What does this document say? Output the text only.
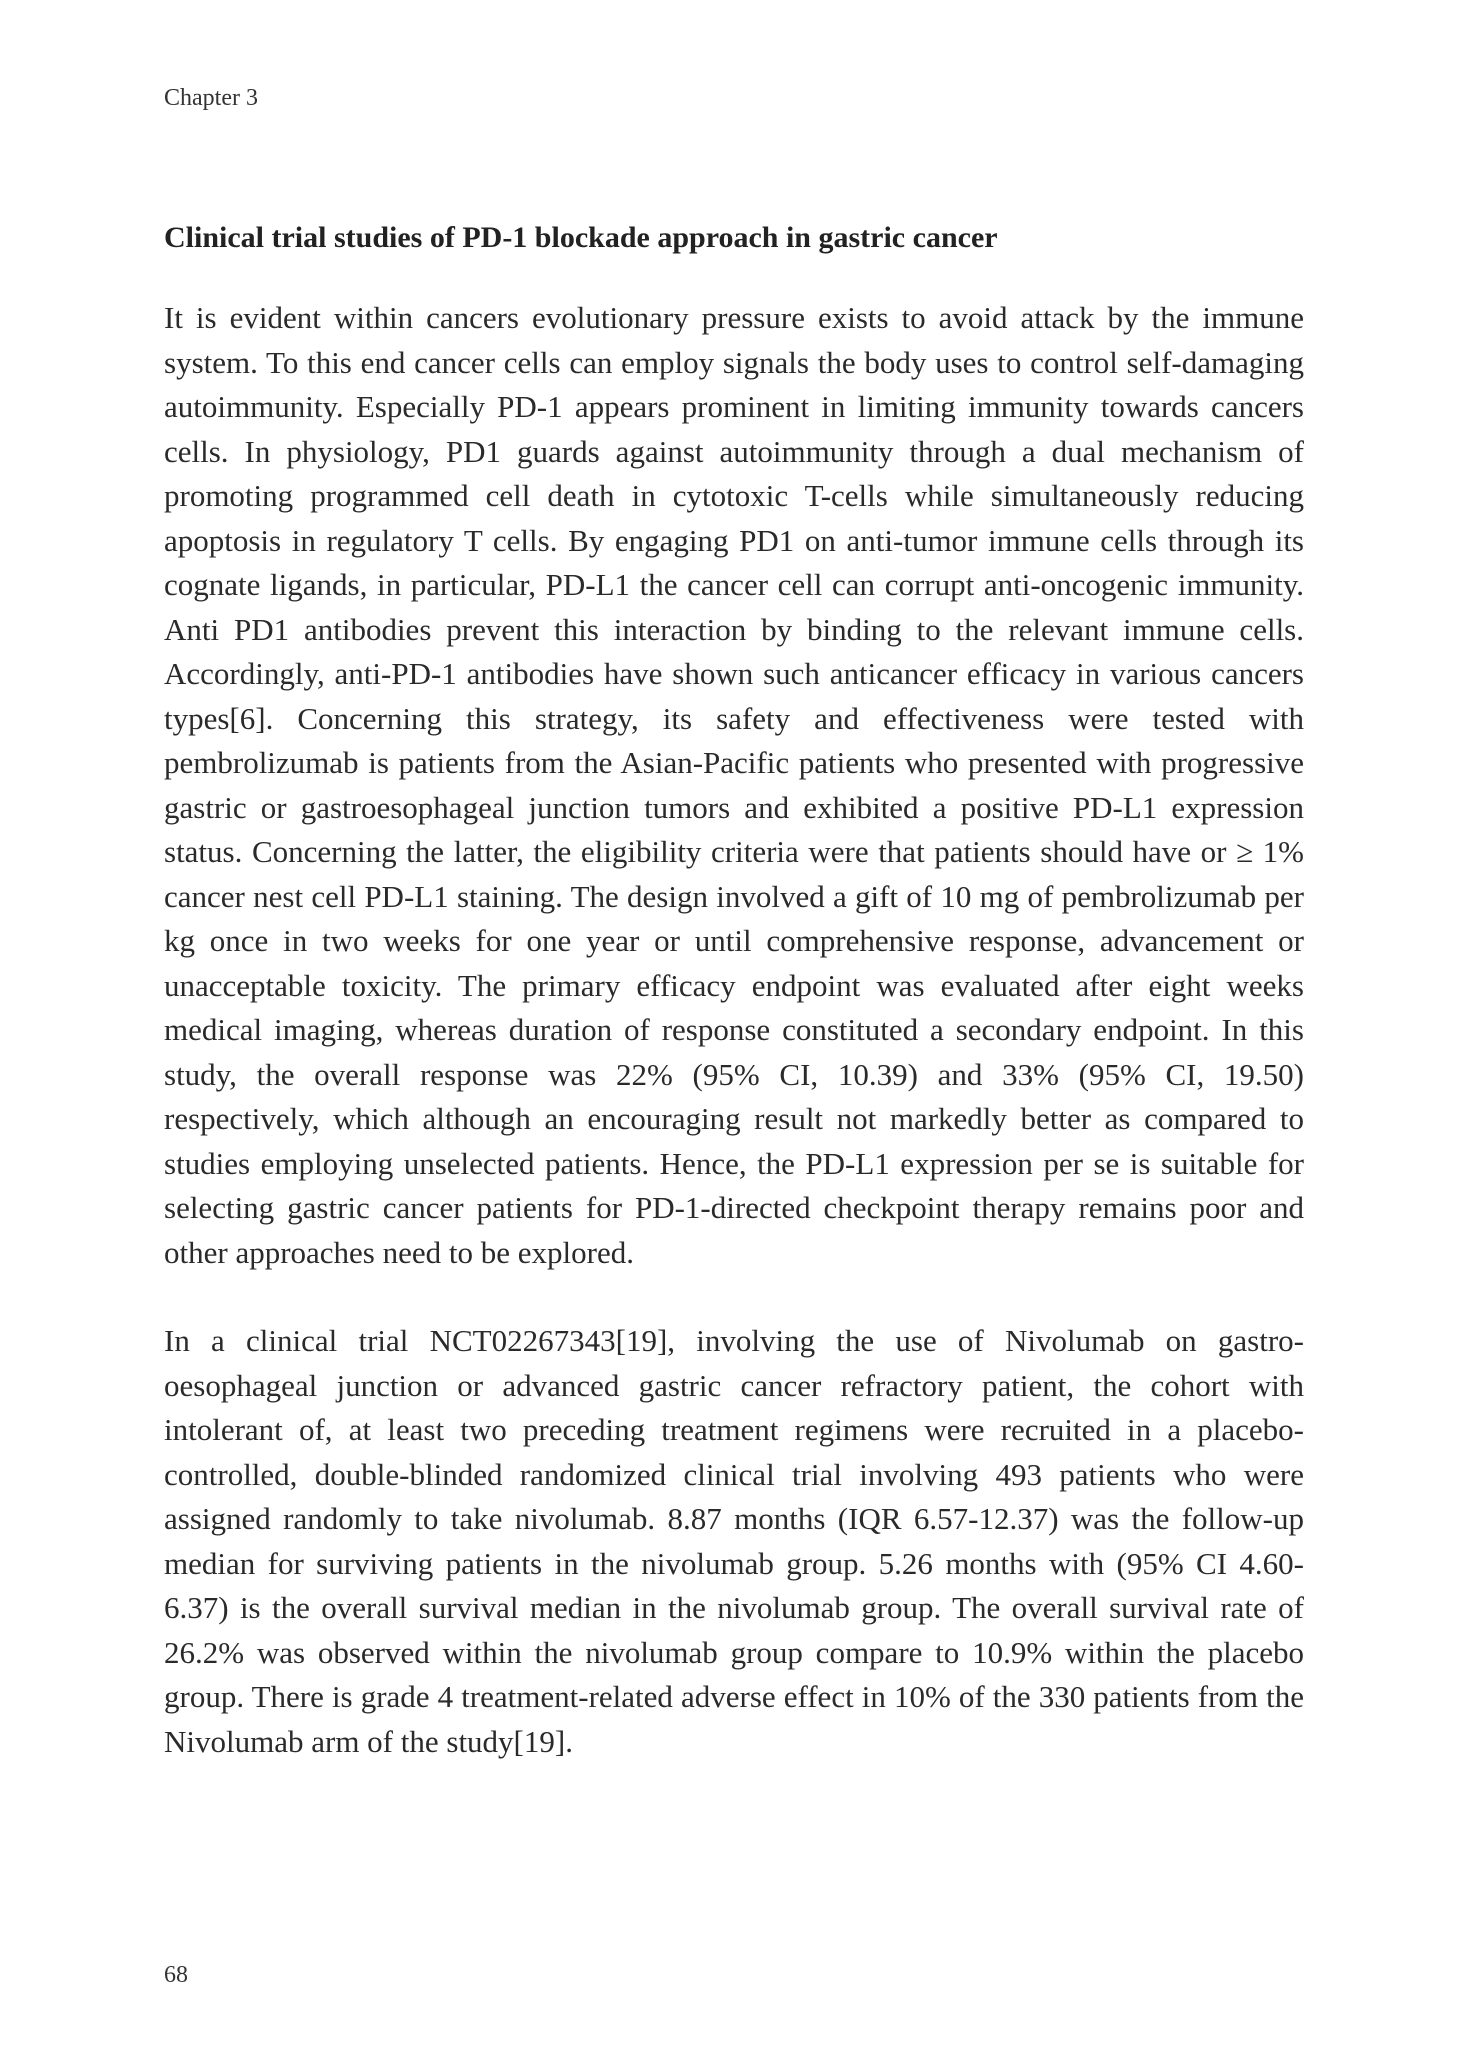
Chapter 3
Clinical trial studies of PD-1 blockade approach in gastric cancer

It is evident within cancers evolutionary pressure exists to avoid attack by the immune system. To this end cancer cells can employ signals the body uses to control self-damaging autoimmunity. Especially PD-1 appears prominent in limiting immunity towards cancers cells. In physiology, PD1 guards against autoimmunity through a dual mechanism of promoting programmed cell death in cytotoxic T-cells while simultaneously reducing apoptosis in regulatory T cells. By engaging PD1 on anti-tumor immune cells through its cognate ligands, in particular, PD-L1 the cancer cell can corrupt anti-oncogenic immunity. Anti PD1 antibodies prevent this interaction by binding to the relevant immune cells. Accordingly, anti-PD-1 antibodies have shown such anticancer efficacy in various cancers types[6]. Concerning this strategy, its safety and effectiveness were tested with pembrolizumab is patients from the Asian-Pacific patients who presented with progressive gastric or gastroesophageal junction tumors and exhibited a positive PD-L1 expression status. Concerning the latter, the eligibility criteria were that patients should have or ≥ 1% cancer nest cell PD-L1 staining. The design involved a gift of 10 mg of pembrolizumab per kg once in two weeks for one year or until comprehensive response, advancement or unacceptable toxicity. The primary efficacy endpoint was evaluated after eight weeks medical imaging, whereas duration of response constituted a secondary endpoint. In this study, the overall response was 22% (95% CI, 10.39) and 33% (95% CI, 19.50) respectively, which although an encouraging result not markedly better as compared to studies employing unselected patients. Hence, the PD-L1 expression per se is suitable for selecting gastric cancer patients for PD-1-directed checkpoint therapy remains poor and other approaches need to be explored.

In a clinical trial NCT02267343[19], involving the use of Nivolumab on gastro-oesophageal junction or advanced gastric cancer refractory patient, the cohort with intolerant of, at least two preceding treatment regimens were recruited in a placebo-controlled, double-blinded randomized clinical trial involving 493 patients who were assigned randomly to take nivolumab. 8.87 months (IQR 6.57-12.37) was the follow-up median for surviving patients in the nivolumab group. 5.26 months with (95% CI 4.60-6.37) is the overall survival median in the nivolumab group. The overall survival rate of 26.2% was observed within the nivolumab group compare to 10.9% within the placebo group. There is grade 4 treatment-related adverse effect in 10% of the 330 patients from the Nivolumab arm of the study[19].

68
